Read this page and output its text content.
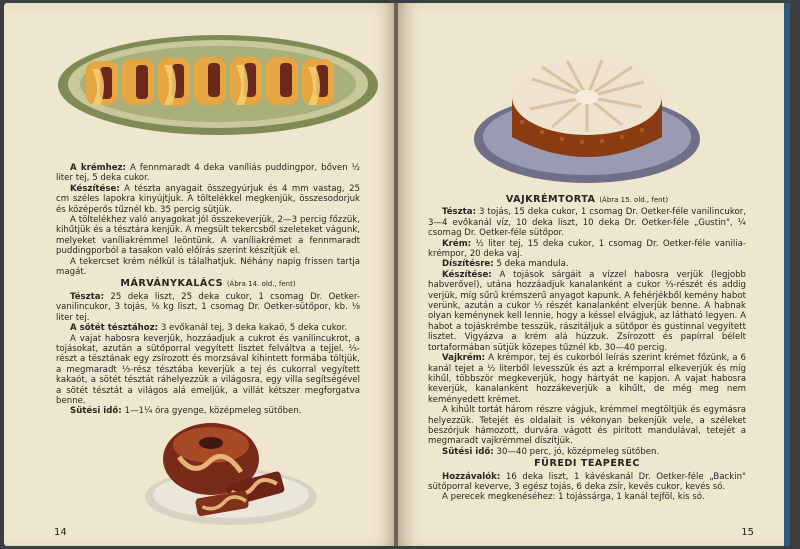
A krémhez: A fennmaradt 4 deka vaníliás puddingpor, bőven ½ liter tej, 5 deka cukor.

Készítése: A tészta anyagait összegyúrjuk és 4 mm vastag, 25 cm széles lapokra kinyújtjuk. A töltelékkel megkenjük, összesodorjuk és középerős tűznél kb. 35 percig sütjük.

A töltelékhez való anyagokat jól összekeverjük, 2—3 percig főzzük, kihűtjük és a tésztára kenjük. A megsült tekercsből szeleteket vágunk, melyeket vaníliakrémmel leöntünk. A vaníliakrémet a fennmaradt puddingporból a tasakon való előírás szerint készítjük el.

A tekercset krém nélkül is tálalhatjuk. Néhány napig frissen tartja magát.

MÁRVÁNYKALÁCS (Ábra 14. old., fent)

Tészta: 25 deka liszt, 25 deka cukor, 1 csomag Dr. Oetker-vanilincukor, 3 tojás, ⅛ kg liszt, 1 csomag Dr. Oetker-sütőpor, kb. ⅛ liter tej.

A sötét tésztához: 3 evőkanál tej, 3 deka kakaó, 5 deka cukor.

A vajat habosra keverjük, hozzáadjuk a cukrot és vanilincukrot, a tojásokat, azután a sütőporral vegyített lisztet felváltva a tejjel. ⅔-részt a tésztának egy zsírozott és morzsával kihintett formába töltjük, a megmaradt ⅓-rész tésztába keverjük a tej és cukorral vegyített kakaót, a sötét tésztát ráhelyezzük a világosra, egy villa segítségével a sötét tésztát a világos alá emeljük, a villát kétszer megforgatva benne.

Sütési idő: 1—1¼ óra gyenge, középmeleg sütőben.

14
VAJKRÉMTORTA (Ábra 15. old., fent)

Tészta: 3 tojás, 15 deka cukor, 1 csomag Dr. Oetker-féle vanilincukor, 3—4 evőkanál víz, 10 deka liszt, 10 deka Dr. Oetker-féle „Gustin", ¼ csomag Dr. Oetker-féle sütőpor.

Krém: ½ liter tej, 15 deka cukor, 1 csomag Dr. Oetker-féle vanilia-krémpor, 20 deka vaj.

Díszítésre: 5 deka mandula.

Készítése: A tojások sárgáit a vízzel habosra verjük (legjobb habverővel), utána hozzáadjuk kanalanként a cukor ⅔-részét és addig verjük, míg sűrű krémszerű anyagot kapunk. A fehérjékből kemény habot verünk, azután a cukor ⅓ részét kanalanként elverjük benne. A habnak olyan keménynek kell lennie, hogy a késsel elvágjuk, az látható legyen. A habot a tojáskrémbe tesszük, rászitáljuk a sütőpor és gustinnal vegyített lisztet. Vigyázva a krém alá húzzuk. Zsírozott és papírral bélelt tortaformában sütjük közepes tűznél kb. 30—40 percig.

Vajkrém: A krémpor, tej és cukorból leírás szerint krémet főzünk, a 6 kanál tejet a ½ literből levesszük és azt a krémporral elkeverjük és míg kihűl, többször megkeverjük, hogy hártyát ne kapjon. A vajat habosra keverjük, kanalanként hozzákeverjük a kihűlt, de még meg nem keményedett krémet.

A kihűlt tortát három részre vágjuk, krémmel megtöltjük és egymásra helyezzük. Tetejét és oldalait is vékonyan bekenjük vele, a széleket beszórjuk hámozott, durvára vágott és pirított mandulával, tetejét a megmaradt vajkrémmel díszítjük.

Sütési idő: 30—40 perc, jó, középmeleg sütőben.

FÜREDI TEAPEREC

Hozzávalók: 16 deka liszt, 1 kávéskanál Dr. Oetker-féle „Backin" sütőporral keverve, 3 egész tojás, 6 deka zsír, kevés cukor, kevés só.

A perecek megkenéséhez: 1 tojássárga, 1 kanál tejföl, kis só.

15
